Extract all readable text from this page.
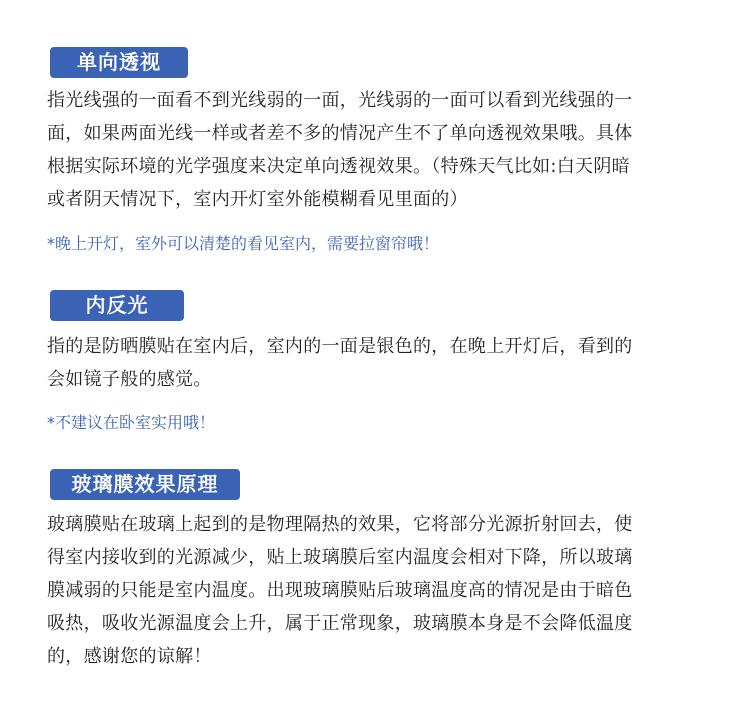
单向透视
指光线强的一面看不到光线弱的一面，光线弱的一面可以看到光线强的一
面，如果两面光线一样或者差不多的情况产生不了单向透视效果哦。具体
根据实际环境的光学强度来决定单向透视效果。（特殊天气比如:白天阴暗
或者阴天情况下，室内开灯室外能模糊看见里面的）
*晚上开灯，室外可以清楚的看见室内，需要拉窗帘哦！
内反光
指的是防晒膜贴在室内后，室内的一面是银色的，在晚上开灯后，看到的
会如镜子般的感觉。
*不建议在卧室实用哦！
玻璃膜效果原理
玻璃膜贴在玻璃上起到的是物理隔热的效果，它将部分光源折射回去，使
得室内接收到的光源减少，贴上玻璃膜后室内温度会相对下降，所以玻璃
膜减弱的只能是室内温度。出现玻璃膜贴后玻璃温度高的情况是由于暗色
吸热，吸收光源温度会上升，属于正常现象，玻璃膜本身是不会降低温度
的，感谢您的谅解！
